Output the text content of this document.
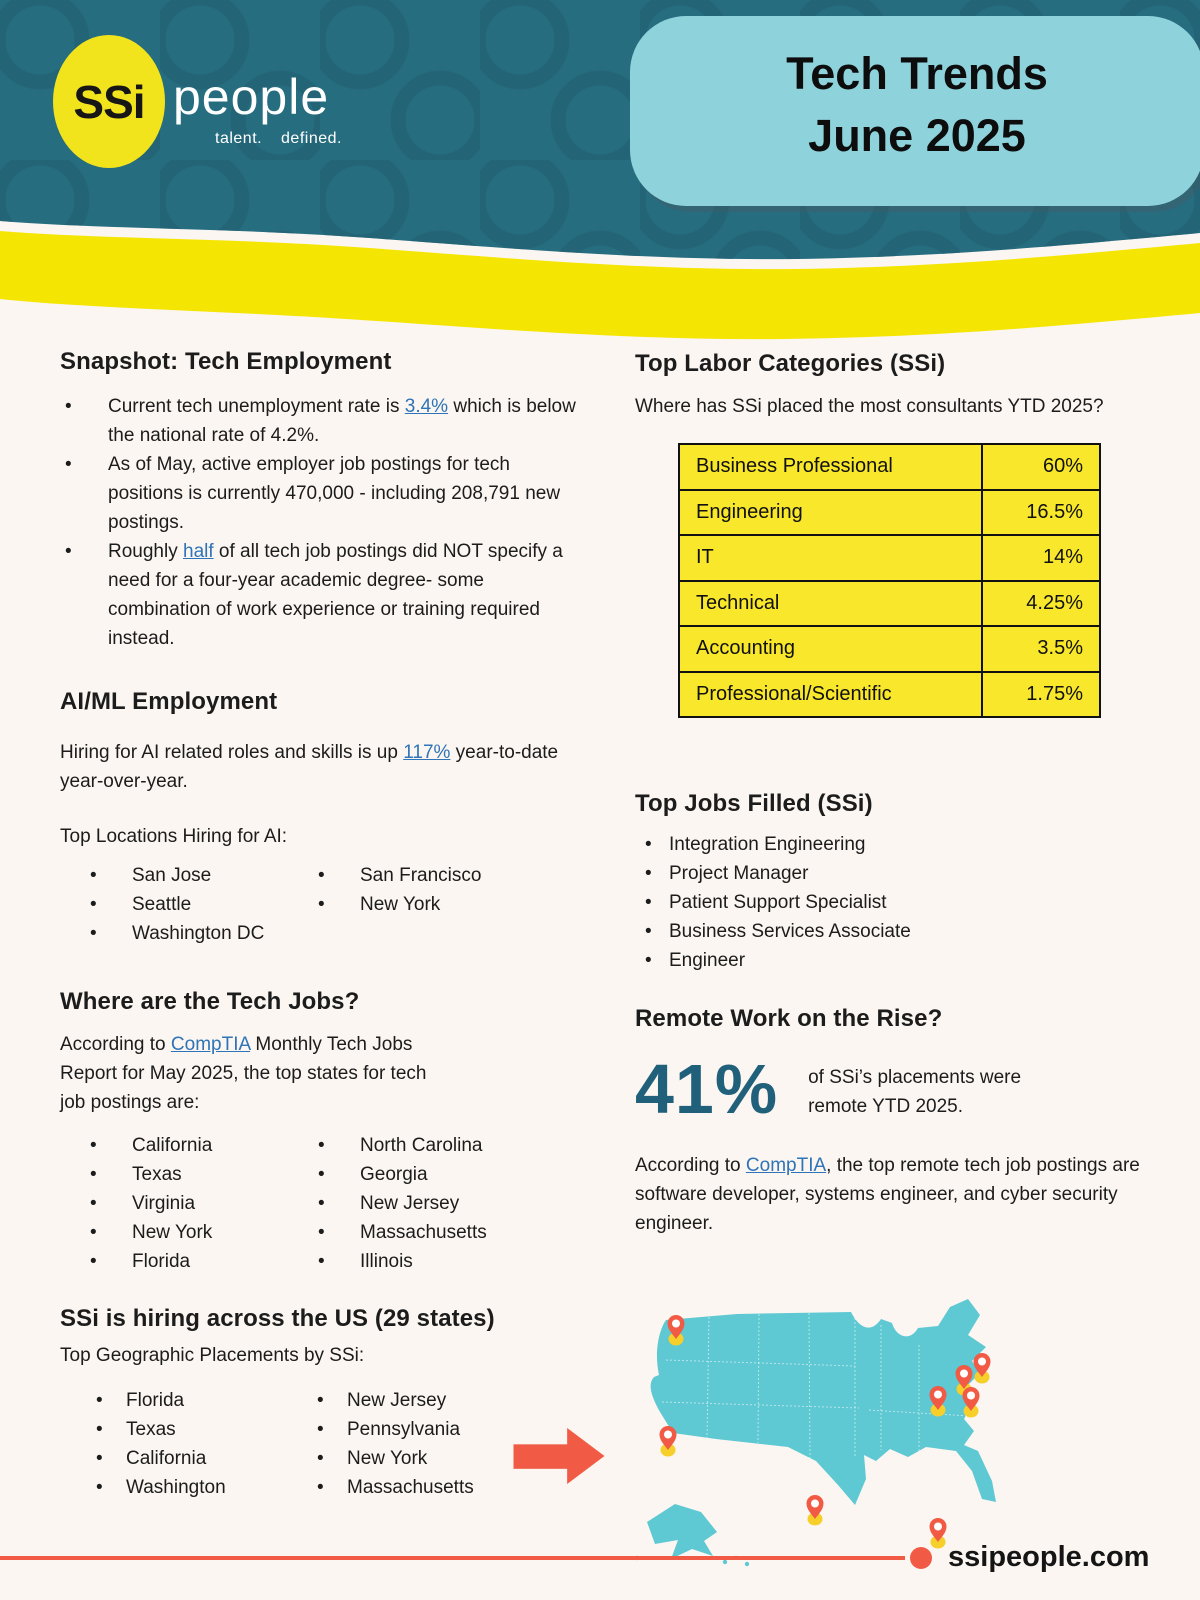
SSi people
talent. defined.
Tech Trends
June 2025
Snapshot: Tech Employment
• Current tech unemployment rate is 3.4% which is below the national rate of 4.2%.
• As of May, active employer job postings for tech positions is currently 470,000 - including 208,791 new postings.
• Roughly half of all tech job postings did NOT specify a need for a four-year academic degree- some combination of work experience or training required instead.
AI/ML Employment

Hiring for AI related roles and skills is up 117% year-to-date year-over-year.

Top Locations Hiring for AI:

• San Jose
• Seattle
• Washington DC
• San Francisco
• New York
Where are the Tech Jobs?

According to CompTIA Monthly Tech Jobs Report for May 2025, the top states for tech job postings are:

• California
• Texas
• Virginia
• New York
• Florida
• North Carolina
• Georgia
• New Jersey
• Massachusetts
• Illinois
SSi is hiring across the US (29 states)

Top Geographic Placements by SSi:

• Florida
• Texas
• California
• Washington
• New Jersey
• Pennsylvania
• New York
• Massachusetts
Top Labor Categories (SSi)

Where has SSi placed the most consultants YTD 2025?

Business Professional	60%
Engineering	16.5%
IT	14%
Technical	4.25%
Accounting	3.5%
Professional/Scientific	1.75%
Top Jobs Filled (SSi)
• Integration Engineering
• Project Manager
• Patient Support Specialist
• Business Services Associate
• Engineer
Remote Work on the Rise?
41% of SSi’s placements were remote YTD 2025.

According to CompTIA, the top remote tech job postings are software developer, systems engineer, and cyber security engineer.

ssipeople.com
